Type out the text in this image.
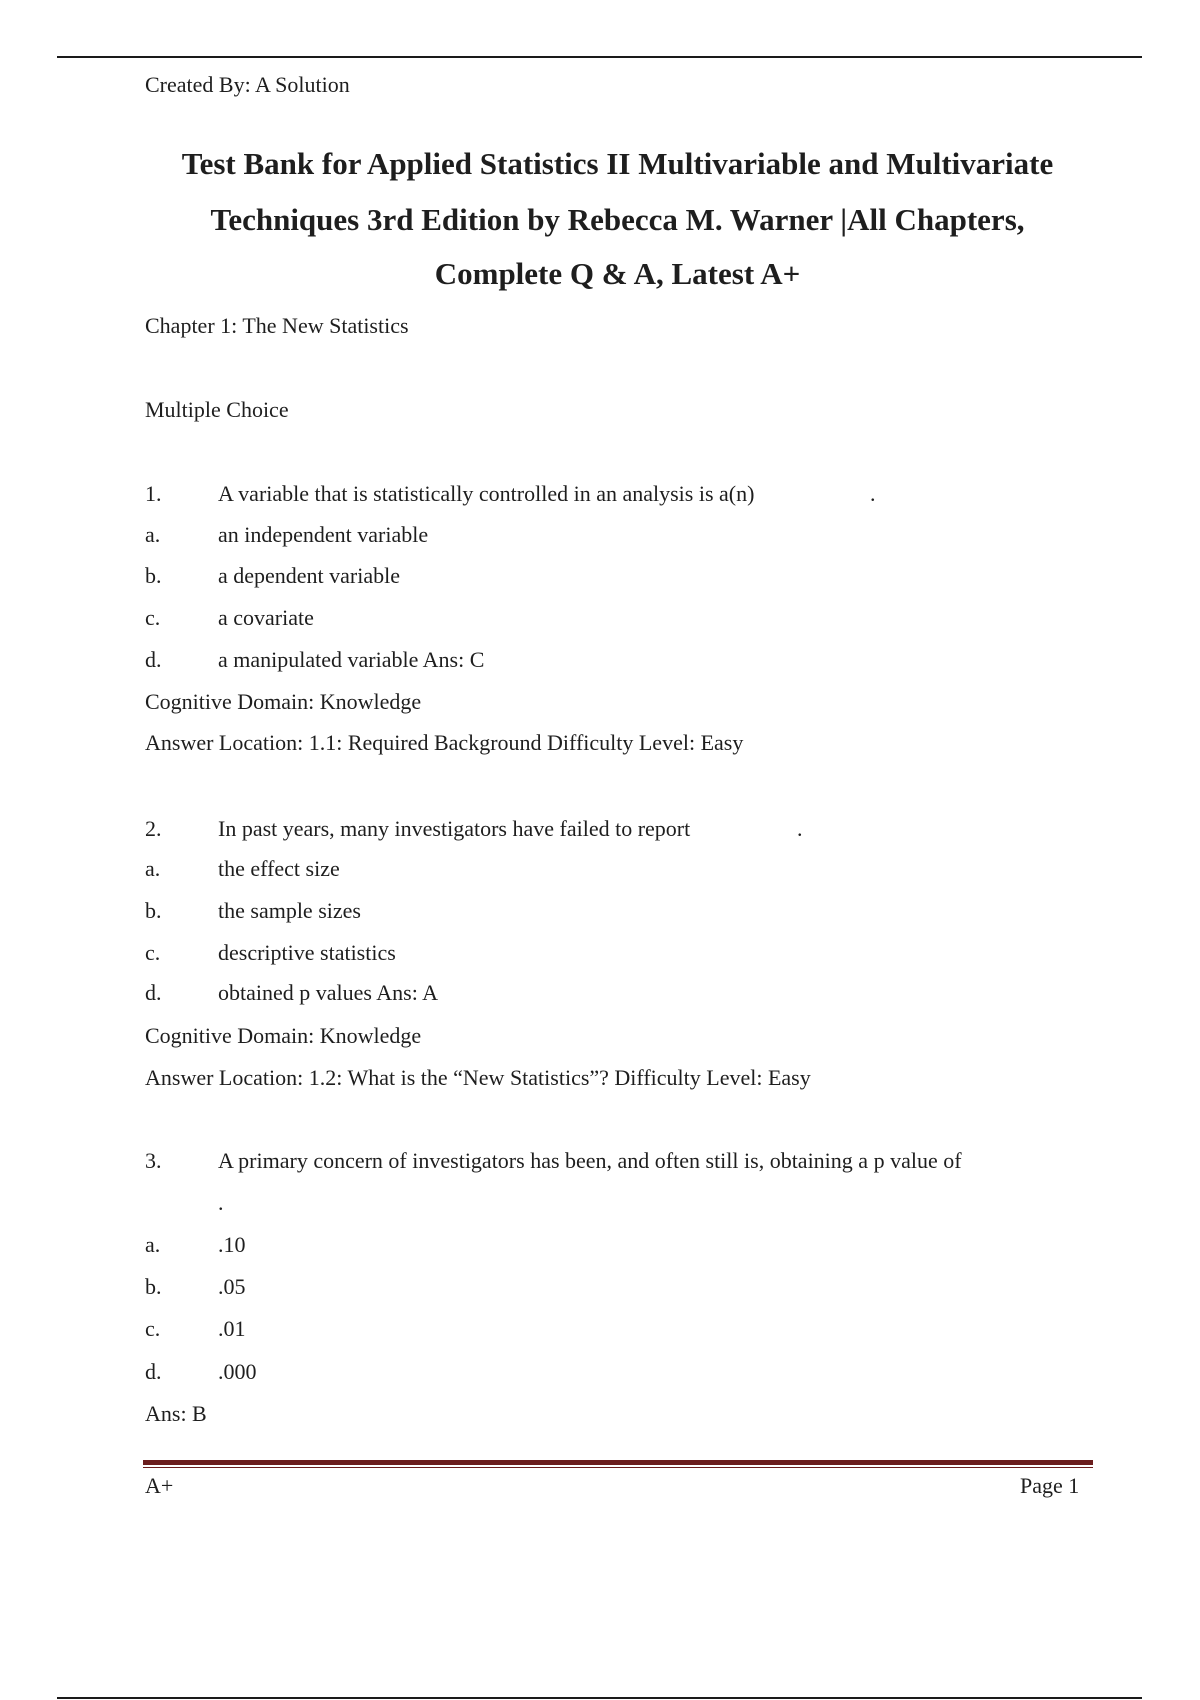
Created By: A Solution
Test Bank for Applied Statistics II Multivariable and Multivariate
Techniques 3rd Edition by Rebecca M. Warner |All Chapters,
Complete Q & A, Latest A+
Chapter 1: The New Statistics
Multiple Choice
1.	A variable that is statistically controlled in an analysis is a(n)	.
a.	an independent variable
b.	a dependent variable
c.	a covariate
d.	a manipulated variable Ans: C
Cognitive Domain: Knowledge
Answer Location: 1.1: Required Background Difficulty Level: Easy
2.	In past years, many investigators have failed to report	.
a.	the effect size
b.	the sample sizes
c.	descriptive statistics
d.	obtained p values Ans: A
Cognitive Domain: Knowledge
Answer Location: 1.2: What is the “New Statistics”? Difficulty Level: Easy
3.	A primary concern of investigators has been, and often still is, obtaining a p value of
.
a.	.10
b.	.05
c.	.01
d.	.000
Ans: B
A+	Page 1
